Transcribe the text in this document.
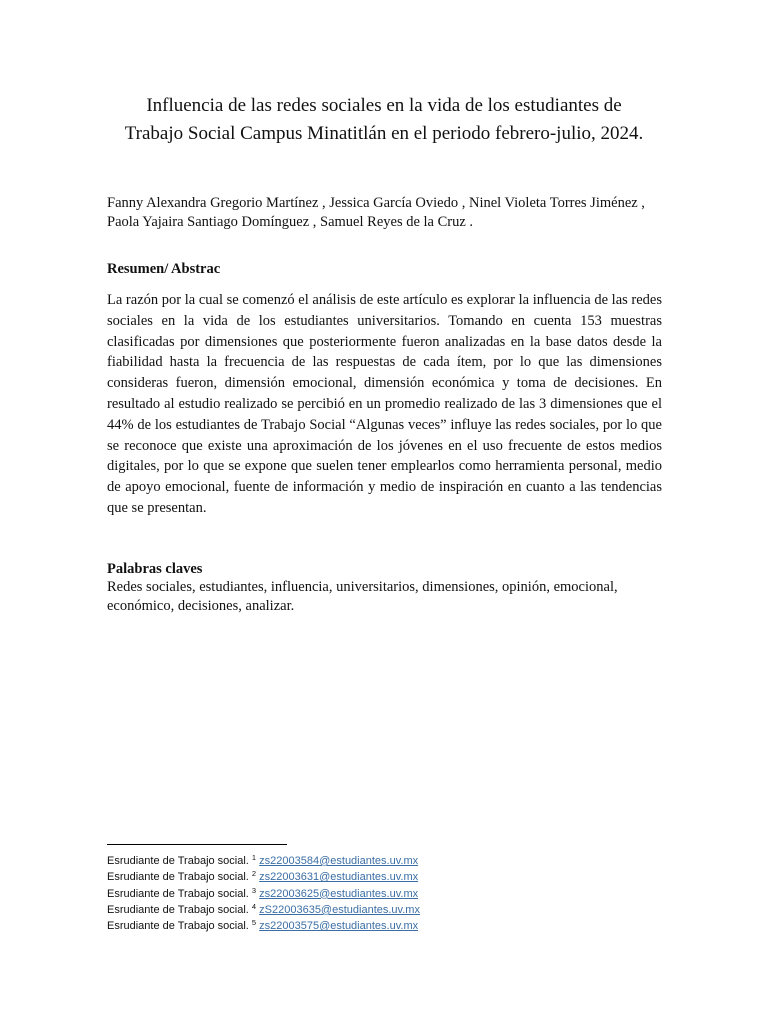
Influencia de las redes sociales en la vida de los estudiantes de
Trabajo Social Campus Minatitlán en el periodo febrero-julio, 2024.

Fanny Alexandra Gregorio Martínez , Jessica García Oviedo , Ninel Violeta Torres Jiménez , Paola Yajaira Santiago Domínguez , Samuel Reyes de la Cruz .

Resumen/ Abstrac

La razón por la cual se comenzó el análisis de este artículo es explorar la influencia de las redes sociales en la vida de los estudiantes universitarios. Tomando en cuenta 153 muestras clasificadas por dimensiones que posteriormente fueron analizadas en la base datos desde la fiabilidad hasta la frecuencia de las respuestas de cada ítem, por lo que las dimensiones consideras fueron, dimensión emocional, dimensión económica y toma de decisiones. En resultado al estudio realizado se percibió en un promedio realizado de las 3 dimensiones que el 44% de los estudiantes de Trabajo Social “Algunas veces” influye las redes sociales, por lo que se reconoce que existe una aproximación de los jóvenes en el uso frecuente de estos medios digitales, por lo que se expone que suelen tener emplearlos como herramienta personal, medio de apoyo emocional, fuente de información y medio de inspiración en cuanto a las tendencias que se presentan.

Palabras claves

Redes sociales, estudiantes, influencia, universitarios, dimensiones, opinión, emocional, económico, decisiones, analizar.

Esrudiante de Trabajo social. $^1$ zs22003584@estudiantes.uv.mx
Esrudiante de Trabajo social. $^2$ zs22003631@estudiantes.uv.mx
Esrudiante de Trabajo social. $^3$ zs22003625@estudiantes.uv.mx
Esrudiante de Trabajo social. $^4$ zS22003635@estudiantes.uv.mx
Esrudiante de Trabajo social. $^5$ zs22003575@estudiantes.uv.mx
